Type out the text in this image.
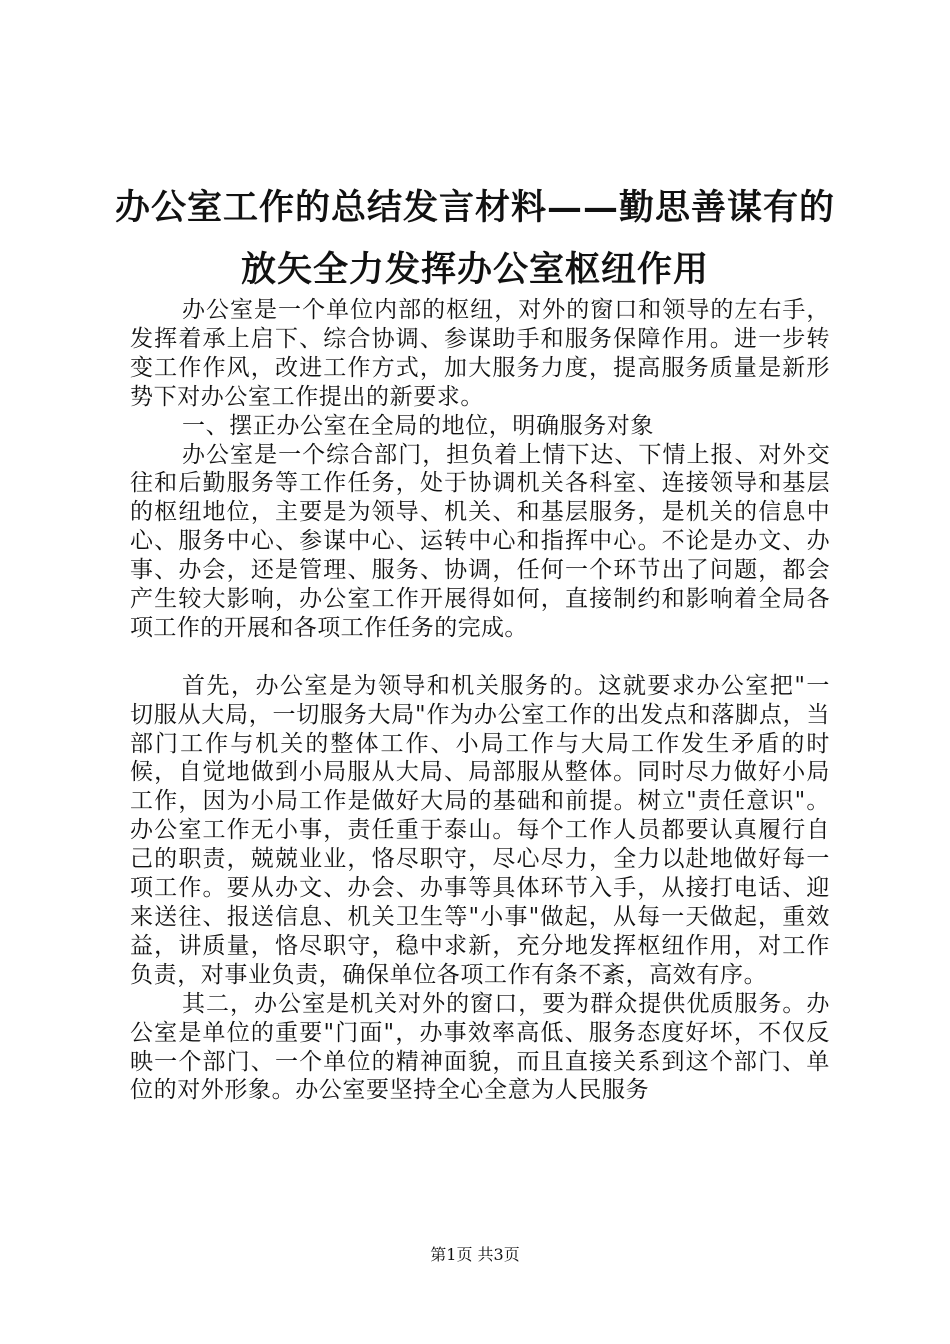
办公室工作的总结发言材料——勤思善谋有的
放矢全力发挥办公室枢纽作用

办公室是一个单位内部的枢纽，对外的窗口和领导的左右手，发挥着承上启下、综合协调、参谋助手和服务保障作用。进一步转变工作作风，改进工作方式，加大服务力度，提高服务质量是新形势下对办公室工作提出的新要求。

一、摆正办公室在全局的地位，明确服务对象

办公室是一个综合部门，担负着上情下达、下情上报、对外交往和后勤服务等工作任务，处于协调机关各科室、连接领导和基层的枢纽地位，主要是为领导、机关、和基层服务，是机关的信息中心、服务中心、参谋中心、运转中心和指挥中心。不论是办文、办事、办会，还是管理、服务、协调，任何一个环节出了问题，都会产生较大影响，办公室工作开展得如何，直接制约和影响着全局各项工作的开展和各项工作任务的完成。

首先，办公室是为领导和机关服务的。这就要求办公室把"一切服从大局，一切服务大局"作为办公室工作的出发点和落脚点，当部门工作与机关的整体工作、小局工作与大局工作发生矛盾的时候，自觉地做到小局服从大局、局部服从整体。同时尽力做好小局工作，因为小局工作是做好大局的基础和前提。树立"责任意识"。办公室工作无小事，责任重于泰山。每个工作人员都要认真履行自己的职责，兢兢业业，恪尽职守，尽心尽力，全力以赴地做好每一项工作。要从办文、办会、办事等具体环节入手，从接打电话、迎来送往、报送信息、机关卫生等"小事"做起，从每一天做起，重效益，讲质量，恪尽职守，稳中求新，充分地发挥枢纽作用，对工作负责，对事业负责，确保单位各项工作有条不紊，高效有序。

其二，办公室是机关对外的窗口，要为群众提供优质服务。办公室是单位的重要"门面"，办事效率高低、服务态度好坏，不仅反映一个部门、一个单位的精神面貌，而且直接关系到这个部门、单位的对外形象。办公室要坚持全心全意为人民服务

第1页 共3页
